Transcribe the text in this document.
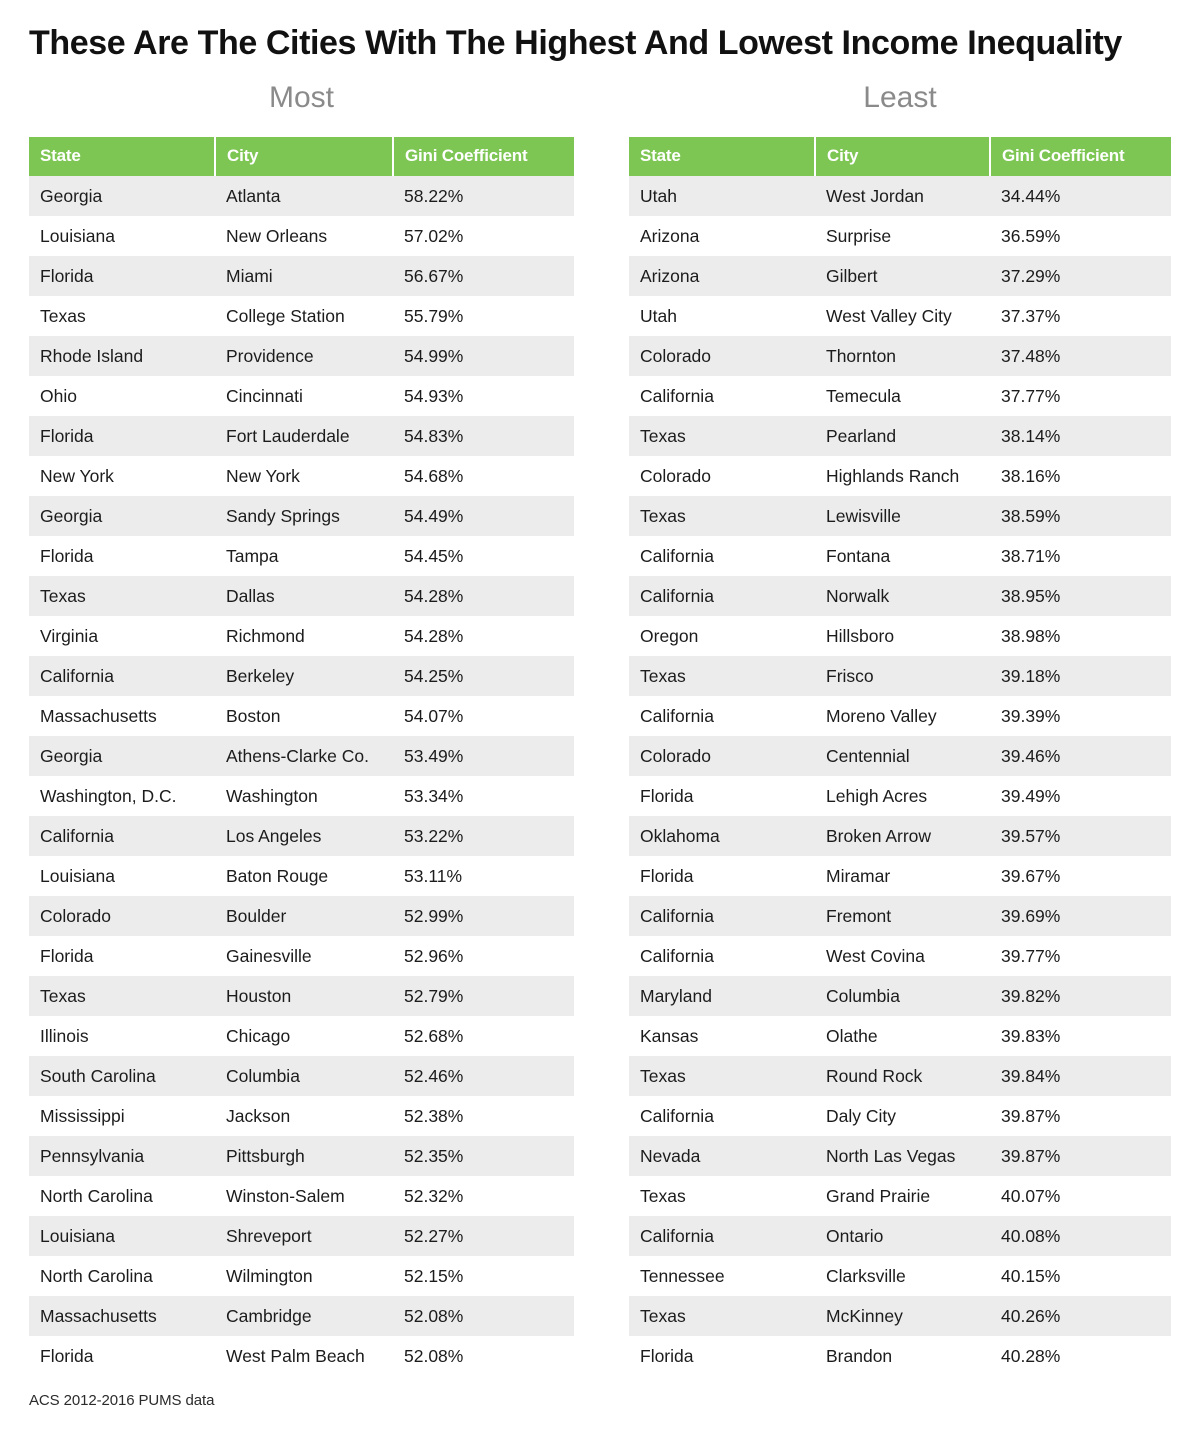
These Are The Cities With The Highest And Lowest Income Inequality
Most	Least
State	City	Gini Coefficient
Georgia	Atlanta	58.22%
Louisiana	New Orleans	57.02%
Florida	Miami	56.67%
Texas	College Station	55.79%
Rhode Island	Providence	54.99%
Ohio	Cincinnati	54.93%
Florida	Fort Lauderdale	54.83%
New York	New York	54.68%
Georgia	Sandy Springs	54.49%
Florida	Tampa	54.45%
Texas	Dallas	54.28%
Virginia	Richmond	54.28%
California	Berkeley	54.25%
Massachusetts	Boston	54.07%
Georgia	Athens-Clarke Co.	53.49%
Washington, D.C.	Washington	53.34%
California	Los Angeles	53.22%
Louisiana	Baton Rouge	53.11%
Colorado	Boulder	52.99%
Florida	Gainesville	52.96%
Texas	Houston	52.79%
Illinois	Chicago	52.68%
South Carolina	Columbia	52.46%
Mississippi	Jackson	52.38%
Pennsylvania	Pittsburgh	52.35%
North Carolina	Winston-Salem	52.32%
Louisiana	Shreveport	52.27%
North Carolina	Wilmington	52.15%
Massachusetts	Cambridge	52.08%
Florida	West Palm Beach	52.08%
State	City	Gini Coefficient
Utah	West Jordan	34.44%
Arizona	Surprise	36.59%
Arizona	Gilbert	37.29%
Utah	West Valley City	37.37%
Colorado	Thornton	37.48%
California	Temecula	37.77%
Texas	Pearland	38.14%
Colorado	Highlands Ranch	38.16%
Texas	Lewisville	38.59%
California	Fontana	38.71%
California	Norwalk	38.95%
Oregon	Hillsboro	38.98%
Texas	Frisco	39.18%
California	Moreno Valley	39.39%
Colorado	Centennial	39.46%
Florida	Lehigh Acres	39.49%
Oklahoma	Broken Arrow	39.57%
Florida	Miramar	39.67%
California	Fremont	39.69%
California	West Covina	39.77%
Maryland	Columbia	39.82%
Kansas	Olathe	39.83%
Texas	Round Rock	39.84%
California	Daly City	39.87%
Nevada	North Las Vegas	39.87%
Texas	Grand Prairie	40.07%
California	Ontario	40.08%
Tennessee	Clarksville	40.15%
Texas	McKinney	40.26%
Florida	Brandon	40.28%
ACS 2012-2016 PUMS data
